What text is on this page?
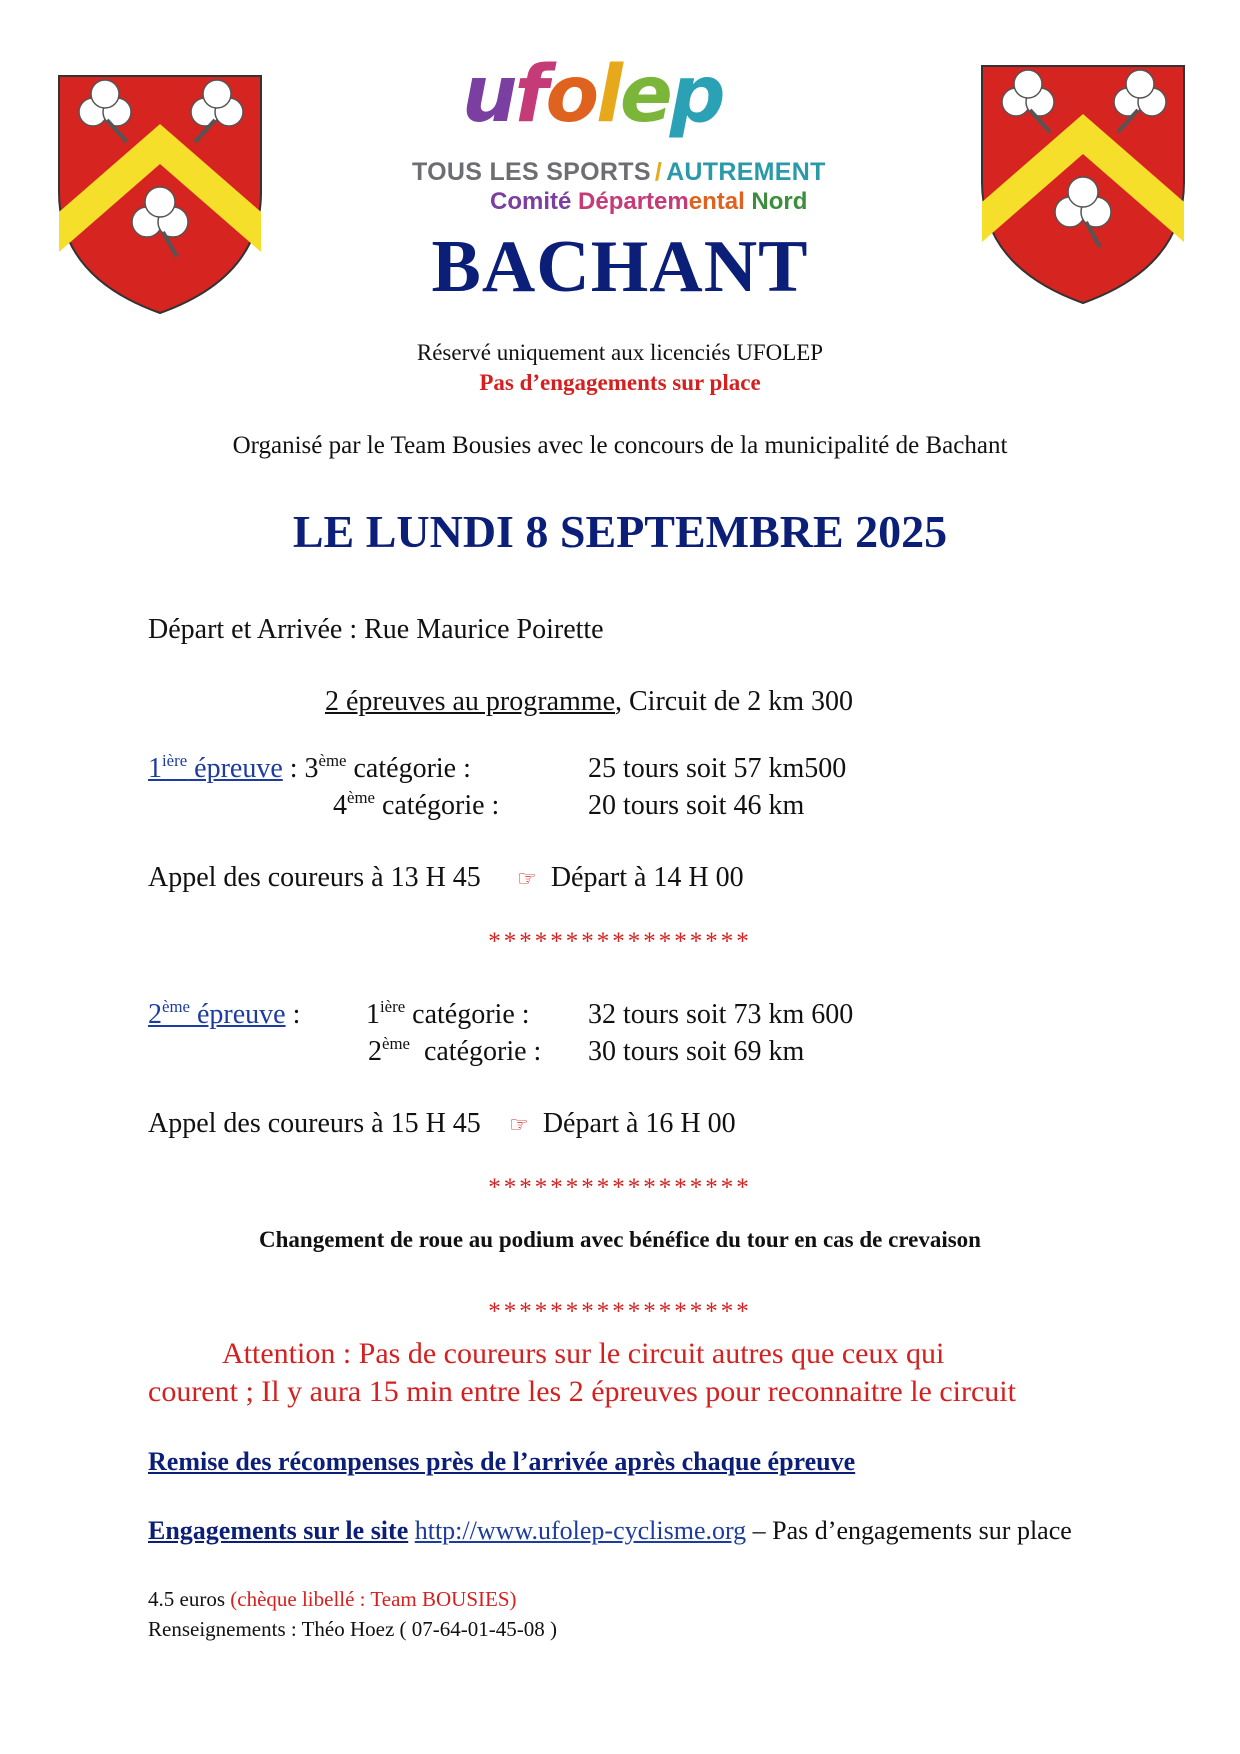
ufolep
TOUS LES SPORTS / AUTREMENT
Comité Départemental Nord
BACHANT
Réservé uniquement aux licenciés UFOLEP
Pas d’engagements sur place
Organisé par le Team Bousies avec le concours de la municipalité de Bachant
LE LUNDI 8 SEPTEMBRE 2025
Départ et Arrivée : Rue Maurice Poirette
2 épreuves au programme, Circuit de 2 km 300
$1^{ière}$ épreuve : 3ème catégorie :	25 tours soit 57 km500
4ème catégorie :	20 tours soit 46 km
Appel des coureurs à 13 H 45 ☞ Départ à 14 H 00
*****************
2ème épreuve : $1^{ière}$ catégorie : 32 tours soit 73 km 600
2ème  catégorie : 30 tours soit 69 km
Appel des coureurs à 15 H 45 ☞ Départ à 16 H 00
*****************
Changement de roue au podium avec bénéfice du tour en cas de crevaison
*****************
Attention : Pas de coureurs sur le circuit autres que ceux qui
courent ; Il y aura 15 min entre les 2 épreuves pour reconnaitre le circuit
Remise des récompenses près de l’arrivée après chaque épreuve
Engagements sur le site http://www.ufolep-cyclisme.org – Pas d’engagements sur place
4.5 euros (chèque libellé : Team BOUSIES)
Renseignements : Théo Hoez ( 07-64-01-45-08 )
